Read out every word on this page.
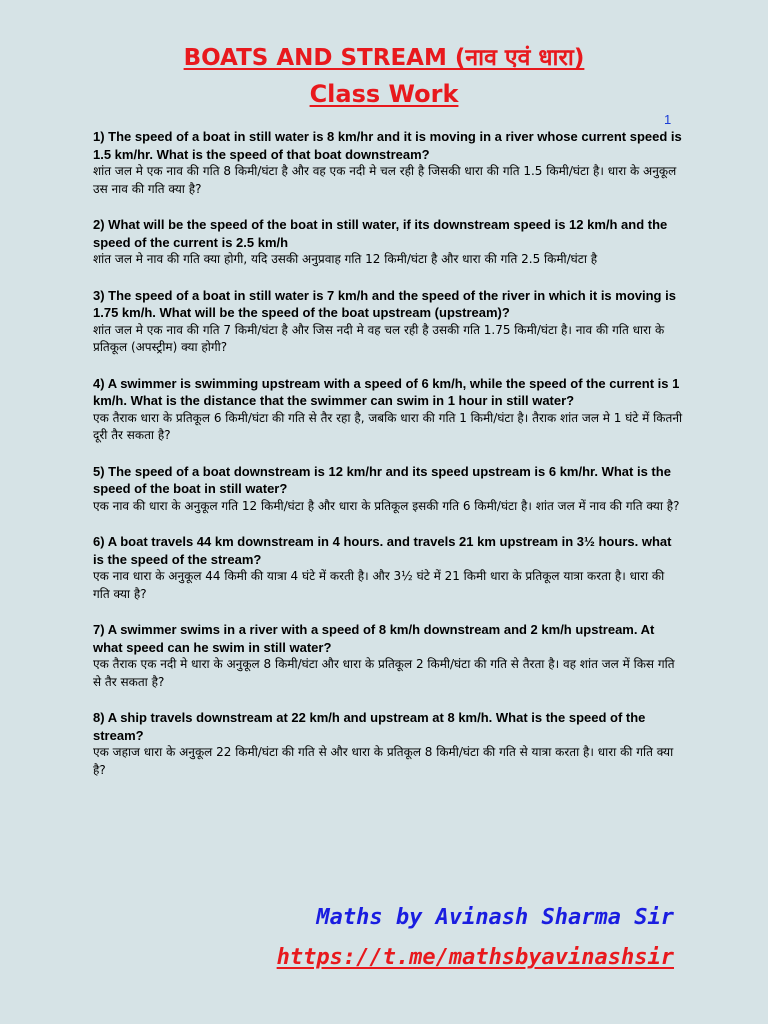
BOATS AND STREAM (नाव एवं धारा)
Class Work
1

1) The speed of a boat in still water is 8 km/hr and it is moving in a river whose current speed is 1.5 km/hr. What is the speed of that boat downstream?

शांत जल मे एक नाव की गति 8 किमी/घंटा है और वह एक नदी मे चल रही है जिसकी धारा की गति 1.5 किमी/घंटा है। धारा के अनुकूल उस नाव की गति क्या है?

2) What will be the speed of the boat in still water, if its downstream speed is 12 km/h and the speed of the current is 2.5 km/h

शांत जल मे नाव की गति क्या होगी, यदि उसकी अनुप्रवाह गति 12 किमी/घंटा है और धारा की गति 2.5 किमी/घंटा है

3) The speed of a boat in still water is 7 km/h and the speed of the river in which it is moving is 1.75 km/h. What will be the speed of the boat upstream (upstream)?

शांत जल मे एक नाव की गति 7 किमी/घंटा है और जिस नदी मे वह चल रही है उसकी गति 1.75 किमी/घंटा है। नाव की गति धारा के प्रतिकूल (अपस्ट्रीम) क्या होगी?

4) A swimmer is swimming upstream with a speed of 6 km/h, while the speed of the current is 1 km/h. What is the distance that the swimmer can swim in 1 hour in still water?

एक तैराक धारा के प्रतिकूल 6 किमी/घंटा की गति से तैर रहा है, जबकि धारा की गति 1 किमी/घंटा है। तैराक शांत जल मे 1 घंटे में कितनी दूरी तैर सकता है?

5) The speed of a boat downstream is 12 km/hr and its speed upstream is 6 km/hr. What is the speed of the boat in still water?

एक नाव की धारा के अनुकूल गति 12 किमी/घंटा है और धारा के प्रतिकूल इसकी गति 6 किमी/घंटा है। शांत जल में नाव की गति क्या है?

6) A boat travels 44 km downstream in 4 hours. and travels 21 km upstream in 3½ hours. what is the speed of the stream?

एक नाव धारा के अनुकूल 44 किमी की यात्रा 4 घंटे में करती है। और 3½ घंटे में 21 किमी धारा के प्रतिकूल यात्रा करता है। धारा की गति क्या है?

7) A swimmer swims in a river with a speed of 8 km/h downstream and 2 km/h upstream. At what speed can he swim in still water?

एक तैराक एक नदी मे धारा के अनुकूल 8 किमी/घंटा और धारा के प्रतिकूल 2 किमी/घंटा की गति से तैरता है। वह शांत जल में किस गति से तैर सकता है?

8) A ship travels downstream at 22 km/h and upstream at 8 km/h. What is the speed of the stream?

एक जहाज धारा के अनुकूल 22 किमी/घंटा की गति से और धारा के प्रतिकूल 8 किमी/घंटा की गति से यात्रा करता है। धारा की गति क्या है?

Maths by Avinash Sharma Sir
https://t.me/mathsbyavinashsir
